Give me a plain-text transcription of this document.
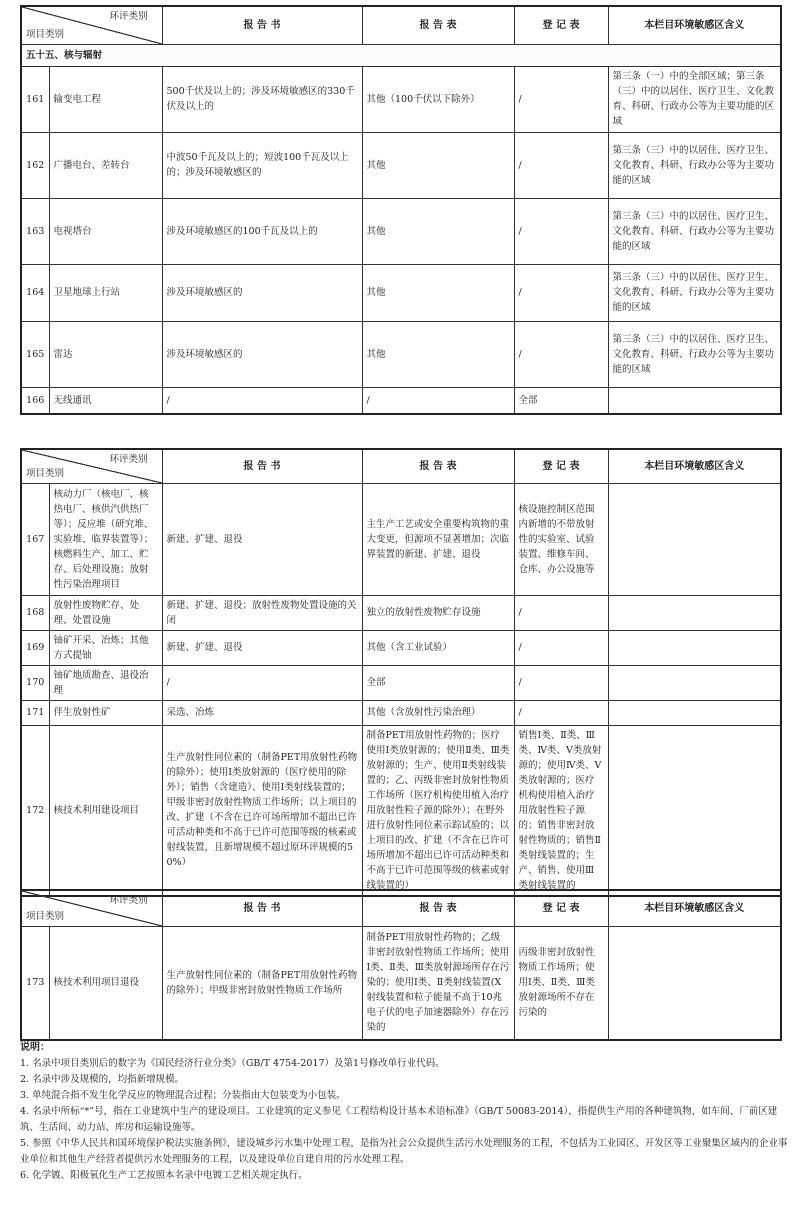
环评类别
项目类别		报 告 书	报 告 表	登 记 表	本栏目环境敏感区含义
五十五、核与辐射					
161	输变电工程	500千伏及以上的；涉及环境敏感区的330千伏及以上的	其他（100千伏以下除外）	/	第三条（一）中的全部区域；第三条（三）中的以居住、医疗卫生、文化教育、科研、行政办公等为主要功能的区域
162	广播电台、差转台	中波50千瓦及以上的；短波100千瓦及以上的；涉及环境敏感区的	其他	/	第三条（三）中的以居住、医疗卫生、文化教育、科研、行政办公等为主要功能的区域
163	电视塔台	涉及环境敏感区的100千瓦及以上的	其他	/	第三条（三）中的以居住、医疗卫生、文化教育、科研、行政办公等为主要功能的区域
164	卫星地球上行站	涉及环境敏感区的	其他	/	第三条（三）中的以居住、医疗卫生、文化教育、科研、行政办公等为主要功能的区域
165	雷达	涉及环境敏感区的	其他	/	第三条（三）中的以居住、医疗卫生、文化教育、科研、行政办公等为主要功能的区域
166	无线通讯	/	/	全部	
环评类别
项目类别		报 告 书	报 告 表	登 记 表	本栏目环境敏感区含义
167	核动力厂（核电厂、核热电厂、核供汽供热厂等）；反应堆（研究堆、实验堆、临界装置等）；核燃料生产、加工、贮存、后处理设施；放射性污染治理项目	新建、扩建、退役	主生产工艺或安全重要构筑物的重大变更，但源项不显著增加；次临界装置的新建、扩建、退役	核设施控制区范围内新增的不带放射性的实验室、试验装置、维修车间、仓库、办公设施等	
168	放射性废物贮存、处理、处置设施	新建、扩建、退役；放射性废物处置设施的关闭	独立的放射性废物贮存设施	/	
169	铀矿开采、冶炼；其他方式提铀	新建、扩建、退役	其他（含工业试验）	/	
170	铀矿地质勘查、退役治理	/	全部	/	
171	伴生放射性矿	采选、冶炼	其他（含放射性污染治理）	/	
172	核技术利用建设项目	生产放射性同位素的（制备PET用放射性药物的除外）；使用Ⅰ类放射源的（医疗使用的除外）；销售（含建造）、使用Ⅰ类射线装置的；甲级非密封放射性物质工作场所；以上项目的改、扩建（不含在已许可场所增加不超出已许可活动种类和不高于已许可范围等级的核素或射线装置，且新增规模不超过原环评规模的50%）	制备PET用放射性药物的；医疗使用Ⅰ类放射源的；使用Ⅱ类、Ⅲ类放射源的；生产、使用Ⅱ类射线装置的；乙、丙级非密封放射性物质工作场所（医疗机构使用植入治疗用放射性粒子源的除外）；在野外进行放射性同位素示踪试验的；以上项目的改、扩建（不含在已许可场所增加不超出已许可活动种类和不高于已许可范围等级的核素或射线装置的）	销售Ⅰ类、Ⅱ类、Ⅲ类、Ⅳ类、Ⅴ类放射源的；使用Ⅳ类、Ⅴ类放射源的；医疗机构使用植入治疗用放射性粒子源的；销售非密封放射性物质的；销售Ⅱ类射线装置的；生产、销售、使用Ⅲ类射线装置的	
环评类别
项目类别		报 告 书	报 告 表	登 记 表	本栏目环境敏感区含义
173	核技术利用项目退役	生产放射性同位素的（制备PET用放射性药物的除外）；甲级非密封放射性物质工作场所	制备PET用放射性药物的；乙级非密封放射性物质工作场所；使用Ⅰ类、Ⅱ类、Ⅲ类放射源场所存在污染的；使用Ⅰ类、Ⅱ类射线装置(X射线装置和粒子能量不高于10兆电子伏的电子加速器除外）存在污染的	丙级非密封放射性物质工作场所；使用Ⅰ类、Ⅱ类、Ⅲ类放射源场所不存在污染的	

说明：

1. 名录中项目类别后的数字为《国民经济行业分类》（GB/T 4754-2017）及第1号修改单行业代码。

2. 名录中涉及规模的，均指新增规模。

3. 单纯混合指不发生化学反应的物理混合过程；分装指由大包装变为小包装。

4. 名录中所标“*”号，指在工业建筑中生产的建设项目。工业建筑的定义参见《工程结构设计基本术语标准》（GB/T 50083-2014），指提供生产用的各种建筑物，如车间、厂前区建筑、生活间、动力站、库房和运输设施等。

5. 参照《中华人民共和国环境保护税法实施条例》，建设城乡污水集中处理工程，是指为社会公众提供生活污水处理服务的工程，不包括为工业园区、开发区等工业聚集区域内的企业事业单位和其他生产经营者提供污水处理服务的工程，以及建设单位自建自用的污水处理工程。

6. 化学镀、阳极氧化生产工艺按照本名录中电镀工艺相关规定执行。
